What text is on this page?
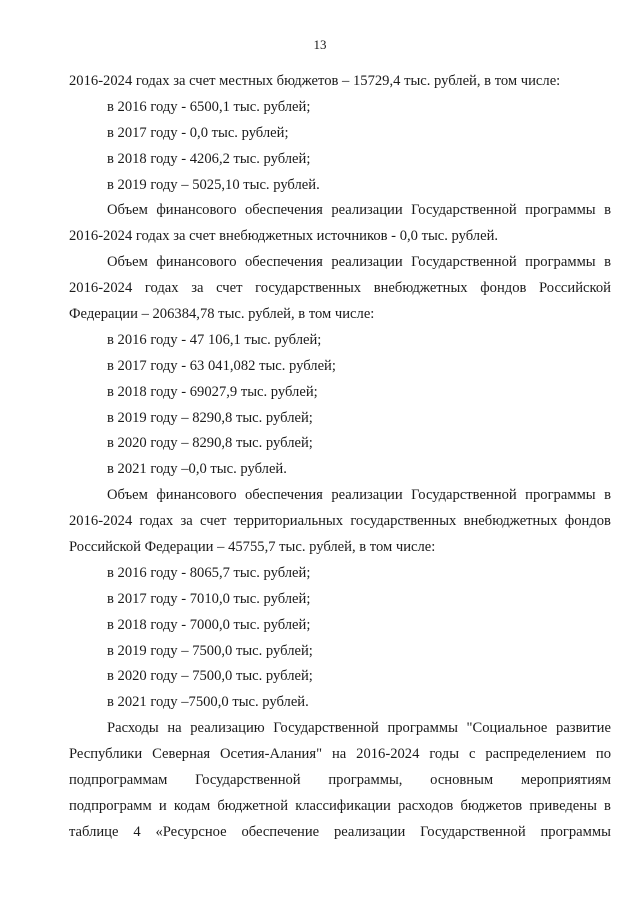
13
2016-2024 годах за счет местных бюджетов – 15729,4 тыс. рублей, в том числе:
в 2016 году - 6500,1 тыс. рублей;
в 2017 году - 0,0 тыс. рублей;
в 2018 году - 4206,2 тыс. рублей;
в 2019 году – 5025,10 тыс. рублей.
Объем финансового обеспечения реализации Государственной программы в
2016-2024 годах за счет внебюджетных источников - 0,0 тыс. рублей.
Объем финансового обеспечения реализации Государственной программы в
2016-2024 годах за счет государственных внебюджетных фондов Российской
Федерации – 206384,78 тыс. рублей, в том числе:
в 2016 году - 47 106,1 тыс. рублей;
в 2017 году - 63 041,082 тыс. рублей;
в 2018 году - 69027,9 тыс. рублей;
в 2019 году – 8290,8 тыс. рублей;
в 2020 году – 8290,8 тыс. рублей;
в 2021 году –0,0 тыс. рублей.
Объем финансового обеспечения реализации Государственной программы в
2016-2024 годах за счет территориальных государственных внебюджетных фондов
Российской Федерации – 45755,7 тыс. рублей, в том числе:
в 2016 году - 8065,7 тыс. рублей;
в 2017 году - 7010,0 тыс. рублей;
в 2018 году - 7000,0 тыс. рублей;
в 2019 году – 7500,0 тыс. рублей;
в 2020 году – 7500,0 тыс. рублей;
в 2021 году –7500,0 тыс. рублей.
Расходы на реализацию Государственной программы "Социальное развитие
Республики Северная Осетия-Алания" на 2016-2024 годы с распределением по
подпрограммам Государственной программы, основным мероприятиям
подпрограмм и кодам бюджетной классификации расходов бюджетов приведены в
таблице 4 «Ресурсное обеспечение реализации Государственной программы
